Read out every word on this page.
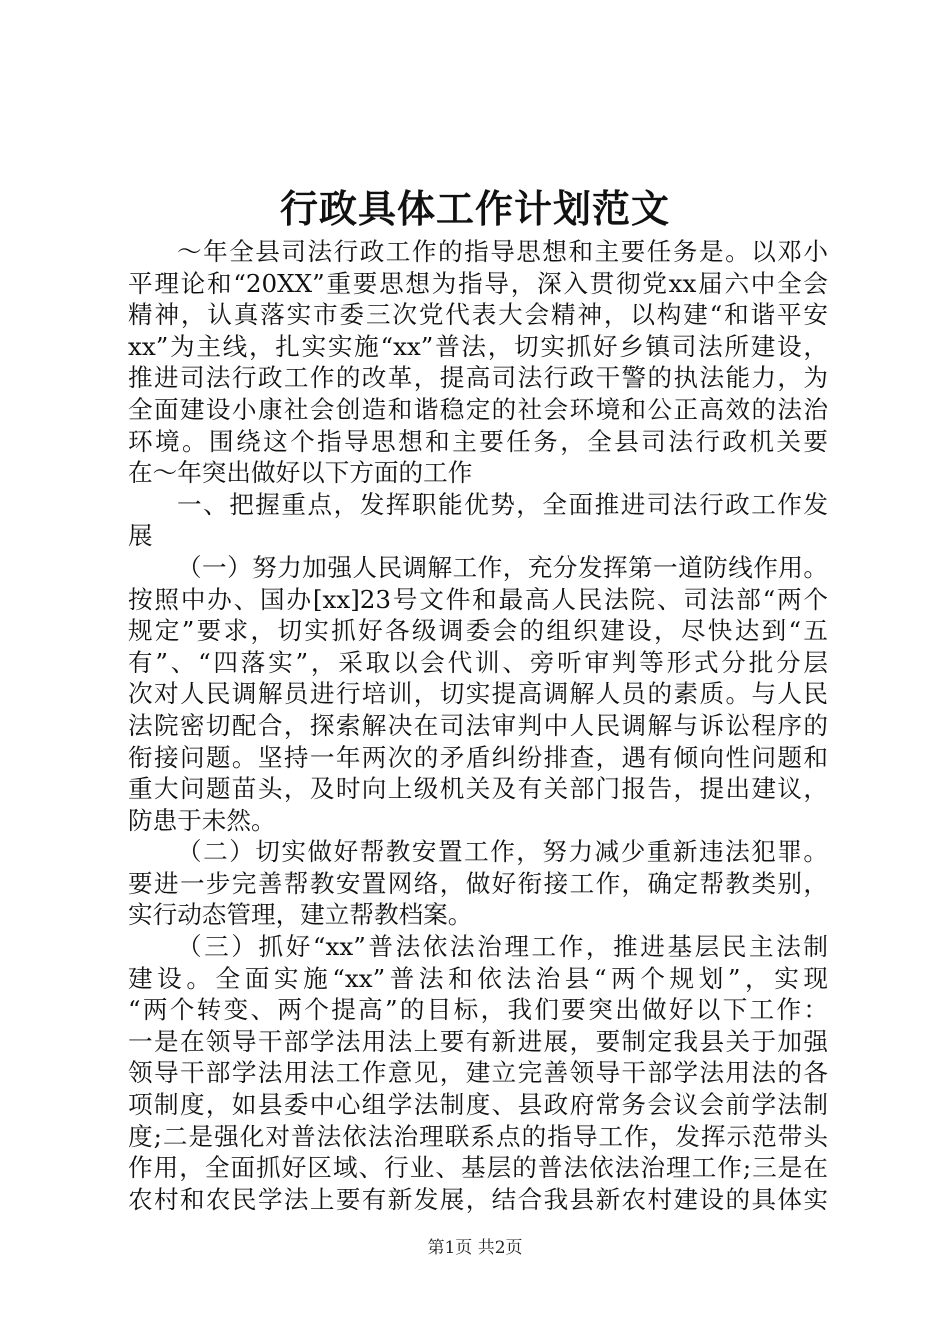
行政具体工作计划范文
～年全县司法行政工作的指导思想和主要任务是。以邓小
平理论和“20XX”重要思想为指导，深入贯彻党xx届六中全会
精神，认真落实市委三次党代表大会精神，以构建“和谐平安
xx”为主线，扎实实施“xx”普法，切实抓好乡镇司法所建设，
推进司法行政工作的改革，提高司法行政干警的执法能力，为
全面建设小康社会创造和谐稳定的社会环境和公正高效的法治
环境。围绕这个指导思想和主要任务，全县司法行政机关要
在～年突出做好以下方面的工作
一、把握重点，发挥职能优势，全面推进司法行政工作发
展
（一）努力加强人民调解工作，充分发挥第一道防线作用。
按照中办、国办[xx]23号文件和最高人民法院、司法部“两个
规定”要求，切实抓好各级调委会的组织建设，尽快达到“五
有”、“四落实”，采取以会代训、旁听审判等形式分批分层
次对人民调解员进行培训，切实提高调解人员的素质。与人民
法院密切配合，探索解决在司法审判中人民调解与诉讼程序的
衔接问题。坚持一年两次的矛盾纠纷排查，遇有倾向性问题和
重大问题苗头，及时向上级机关及有关部门报告，提出建议，
防患于未然。
（二）切实做好帮教安置工作，努力减少重新违法犯罪。
要进一步完善帮教安置网络，做好衔接工作，确定帮教类别，
实行动态管理，建立帮教档案。
（三）抓好“xx”普法依法治理工作，推进基层民主法制
建设。全面实施“xx”普法和依法治县“两个规划”，实现
“两个转变、两个提高”的目标，我们要突出做好以下工作：
一是在领导干部学法用法上要有新进展，要制定我县关于加强
领导干部学法用法工作意见，建立完善领导干部学法用法的各
项制度，如县委中心组学法制度、县政府常务会议会前学法制
度;二是强化对普法依法治理联系点的指导工作，发挥示范带头
作用，全面抓好区域、行业、基层的普法依法治理工作;三是在
农村和农民学法上要有新发展，结合我县新农村建设的具体实
第1页 共2页
